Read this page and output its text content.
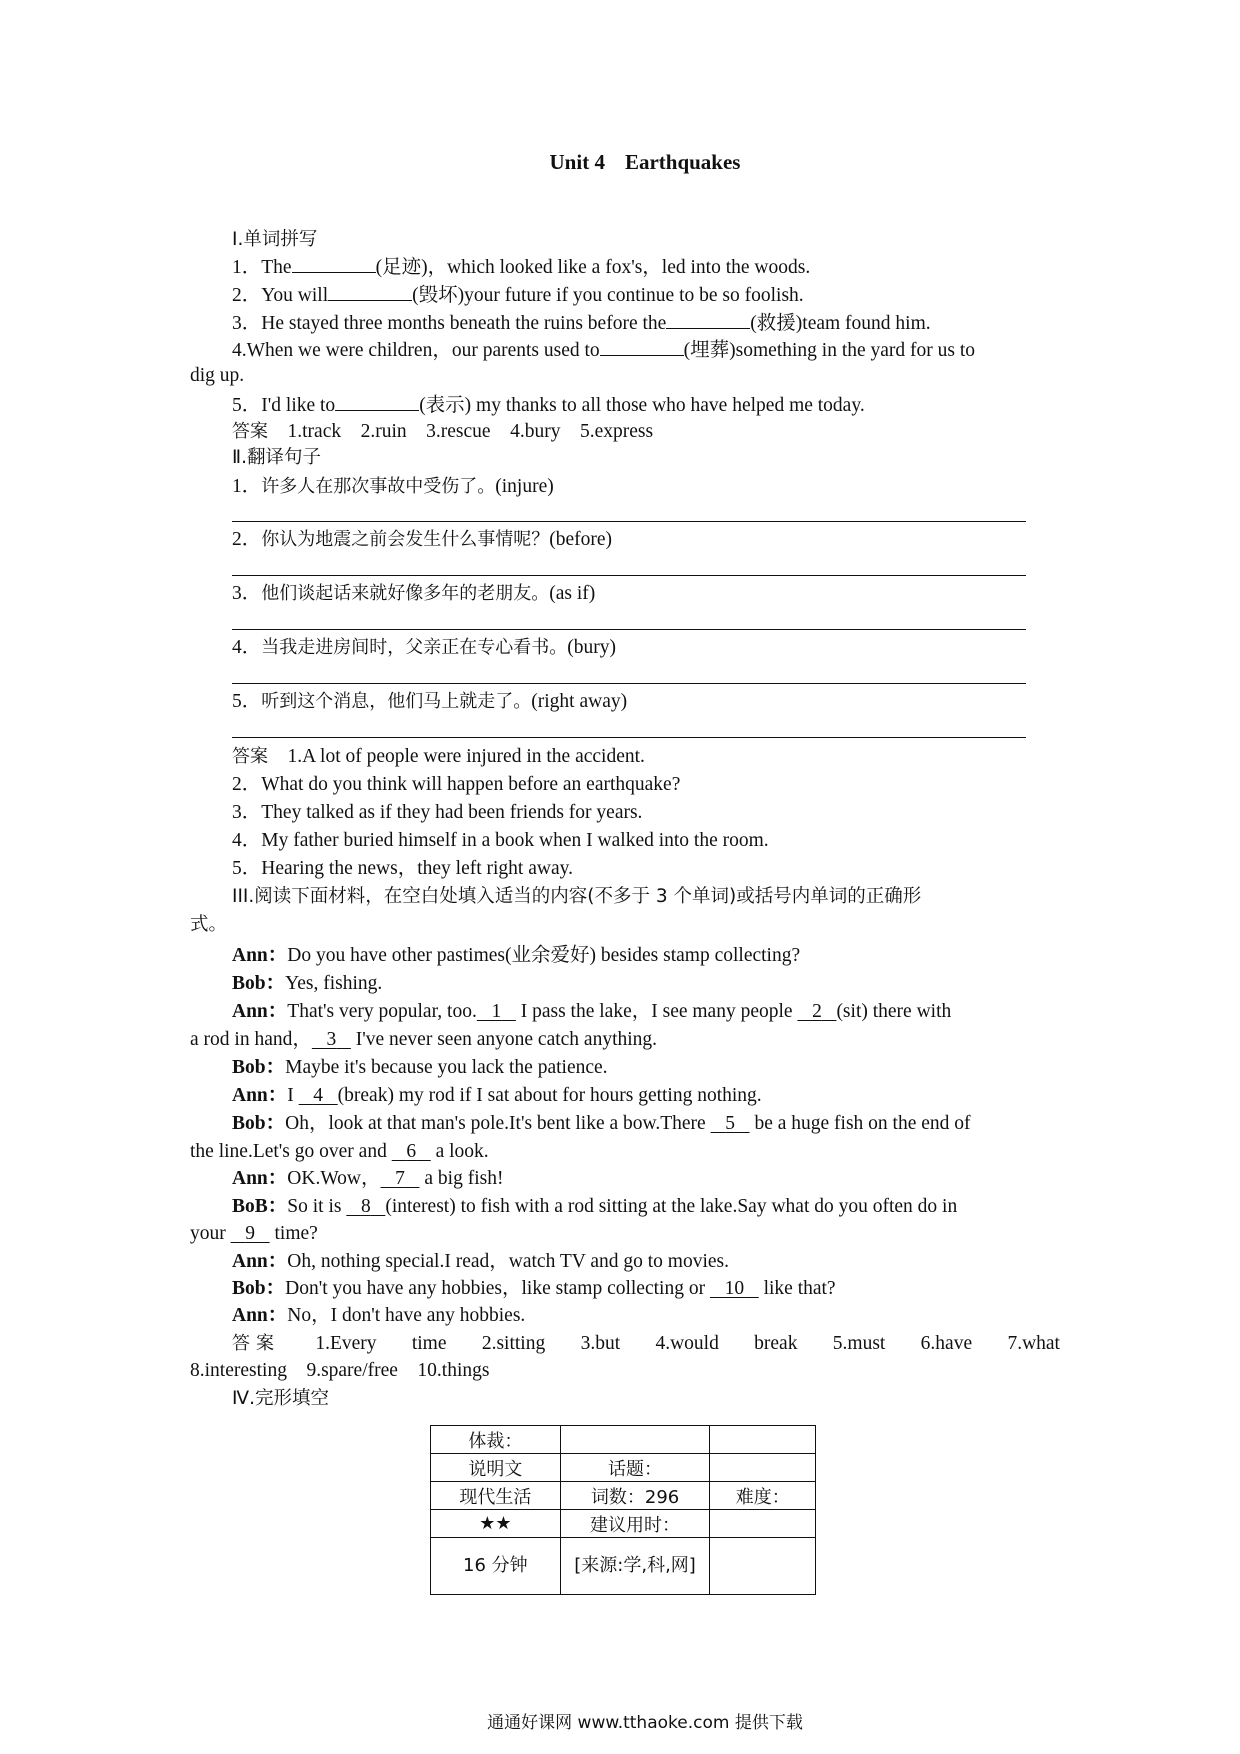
Unit 4 Earthquakes
Ⅰ.单词拼写
1．The	(足迹)，which looked like a fox's，led into the woods.
2．You will	(毁坏)your future if you continue to be so foolish.
3．He stayed three months beneath the ruins before the	(救援)team found him.
4.When we were children，our parents used to	(埋葬)something in the yard for us to
dig up.
5．I'd like to	(表示) my thanks to all those who have helped me today.
答案　 1.track　2.ruin　3.rescue　4.bury　5.express
Ⅱ.翻译句子
1．许多人在那次事故中受伤了。(injure)
2．你认为地震之前会发生什么事情呢？(before)
3．他们谈起话来就好像多年的老朋友。(as if)
4．当我走进房间时，父亲正在专心看书。(bury)
5．听到这个消息，他们马上就走了。(right away)
答案　 1.A lot of people were injured in the accident.
2．What do you think will happen before an earthquake?
3．They talked as if they had been friends for years.
4．My father buried himself in a book when I walked into the room.
5．Hearing the news，they left right away.
III.阅读下面材料，在空白处填入适当的内容(不多于 3 个单词)或括号内单词的正确形
式。
Ann：Do you have other pastimes(业余爱好) besides stamp collecting?
Bob：Yes, fishing.
Ann：That's very popular, too. 1    I pass the lake，I see many people    2 (sit) there with
a rod in hand， 3    I've never seen anyone catch anything.
Bob：Maybe it's because you lack the patience.
Ann：I    4 (break) my rod if I sat about for hours getting nothing.
Bob：Oh，look at that man's pole.It's bent like a bow.There    5    be a huge fish on the end of
the line.Let's go over and    6    a look.
Ann：OK.Wow， 7    a big fish!
BoB：So it is    8 (interest) to fish with a rod sitting at the lake.Say what do you often do in
your    9    time?
Ann：Oh, nothing special.I read，watch TV and go to movies.
Bob：Don't you have any hobbies，like stamp collecting or    10    like that?
Ann：No，I don't have any hobbies.
答案 1.Every time 2.sitting 3.but 4.would break 5.must 6.have 7.what
8.interesting　9.spare/free　10.things
Ⅳ.完形填空
体裁：		
说明文	话题：	
现代生活	词数：296	难度：
★★	建议用时：	
16 分钟	[来源:学,科,网]	
通通好课网 www.tthaoke.com 提供下载
